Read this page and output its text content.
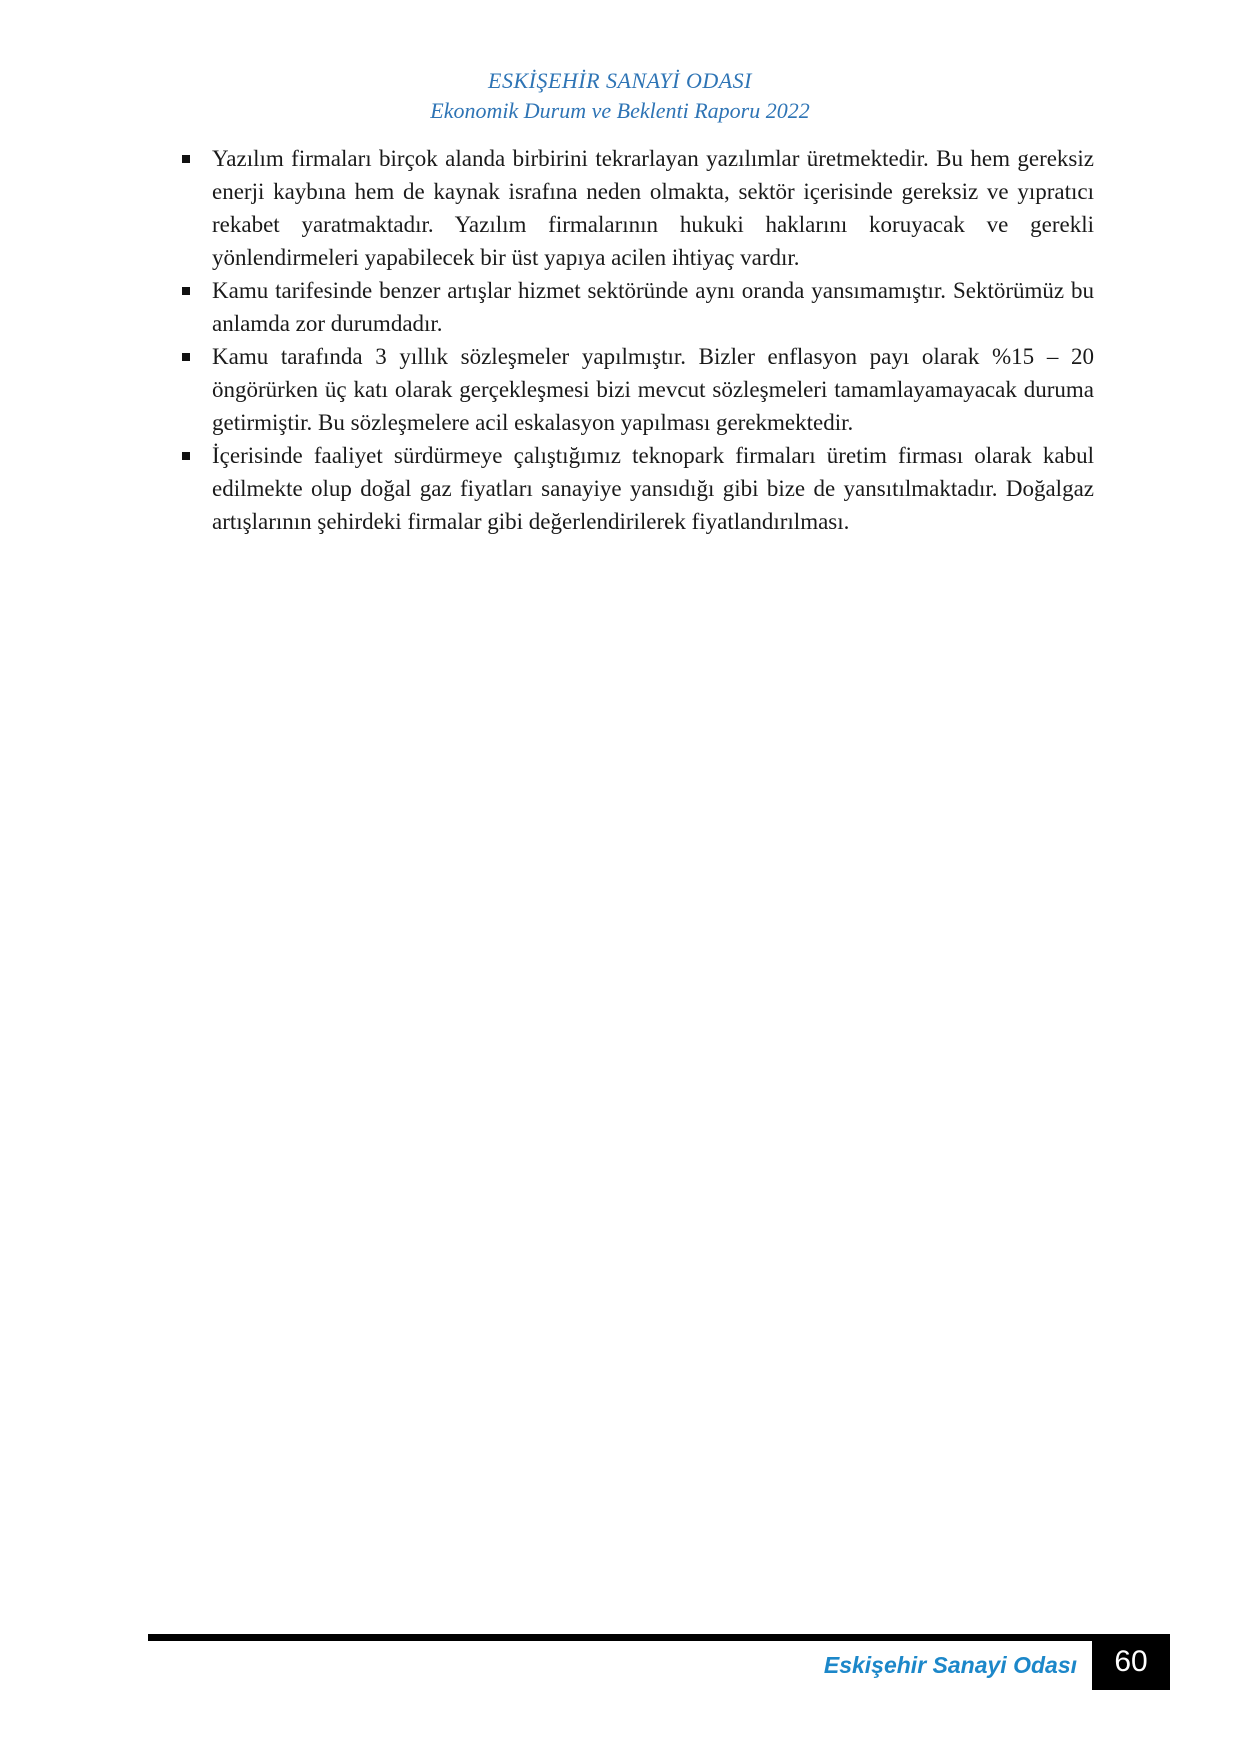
ESKİŞEHİR SANAYİ ODASI
Ekonomik Durum ve Beklenti Raporu 2022
Yazılım firmaları birçok alanda birbirini tekrarlayan yazılımlar üretmektedir. Bu hem gereksiz enerji kaybına hem de kaynak israfına neden olmakta, sektör içerisinde gereksiz ve yıpratıcı rekabet yaratmaktadır. Yazılım firmalarının hukuki haklarını koruyacak ve gerekli yönlendirmeleri yapabilecek bir üst yapıya acilen ihtiyaç vardır.
Kamu tarifesinde benzer artışlar hizmet sektöründe aynı oranda yansımamıştır. Sektörümüz bu anlamda zor durumdadır.
Kamu tarafında 3 yıllık sözleşmeler yapılmıştır. Bizler enflasyon payı olarak %15 – 20 öngörürken üç katı olarak gerçekleşmesi bizi mevcut sözleşmeleri tamamlayamayacak duruma getirmiştir. Bu sözleşmelere acil eskalasyon yapılması gerekmektedir.
İçerisinde faaliyet sürdürmeye çalıştığımız teknopark firmaları üretim firması olarak kabul edilmekte olup doğal gaz fiyatları sanayiye yansıdığı gibi bize de yansıtılmaktadır. Doğalgaz artışlarının şehirdeki firmalar gibi değerlendirilerek fiyatlandırılması.
Eskişehir Sanayi Odası 60
